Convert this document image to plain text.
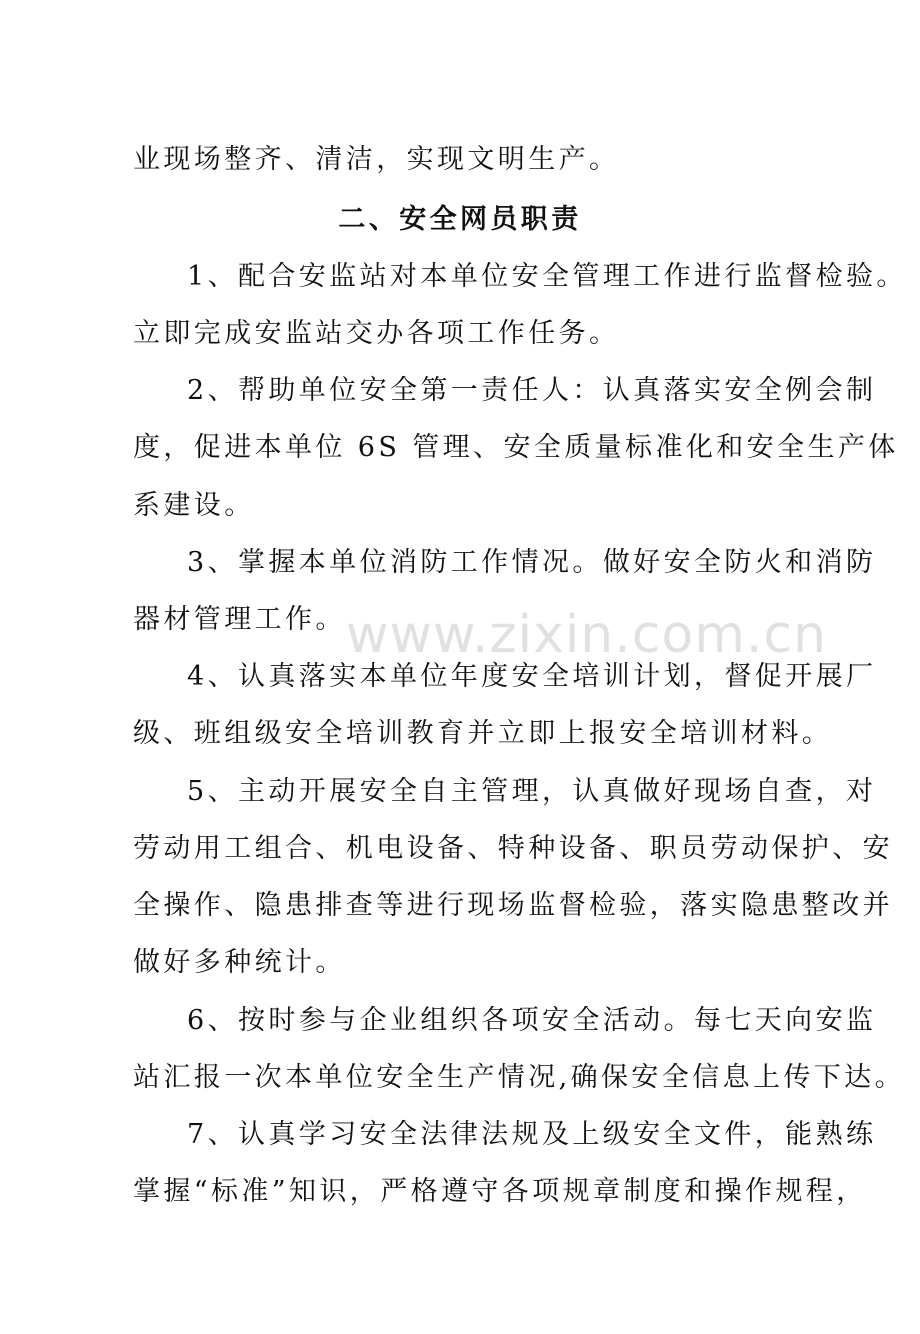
业现场整齐、清洁，实现文明生产。
二、安全网员职责
1、配合安监站对本单位安全管理工作进行监督检验。
立即完成安监站交办各项工作任务。
2、帮助单位安全第一责任人：认真落实安全例会制
度，促进本单位 6S 管理、安全质量标准化和安全生产体
系建设。
3、掌握本单位消防工作情况。做好安全防火和消防
器材管理工作。 www.zixin.com.cn
4、认真落实本单位年度安全培训计划，督促开展厂
级、班组级安全培训教育并立即上报安全培训材料。
5、主动开展安全自主管理，认真做好现场自查，对
劳动用工组合、机电设备、特种设备、职员劳动保护、安
全操作、隐患排查等进行现场监督检验，落实隐患整改并
做好多种统计。
6、按时参与企业组织各项安全活动。每七天向安监
站汇报一次本单位安全生产情况,确保安全信息上传下达。
7、认真学习安全法律法规及上级安全文件，能熟练
掌握“标准”知识，严格遵守各项规章制度和操作规程，
